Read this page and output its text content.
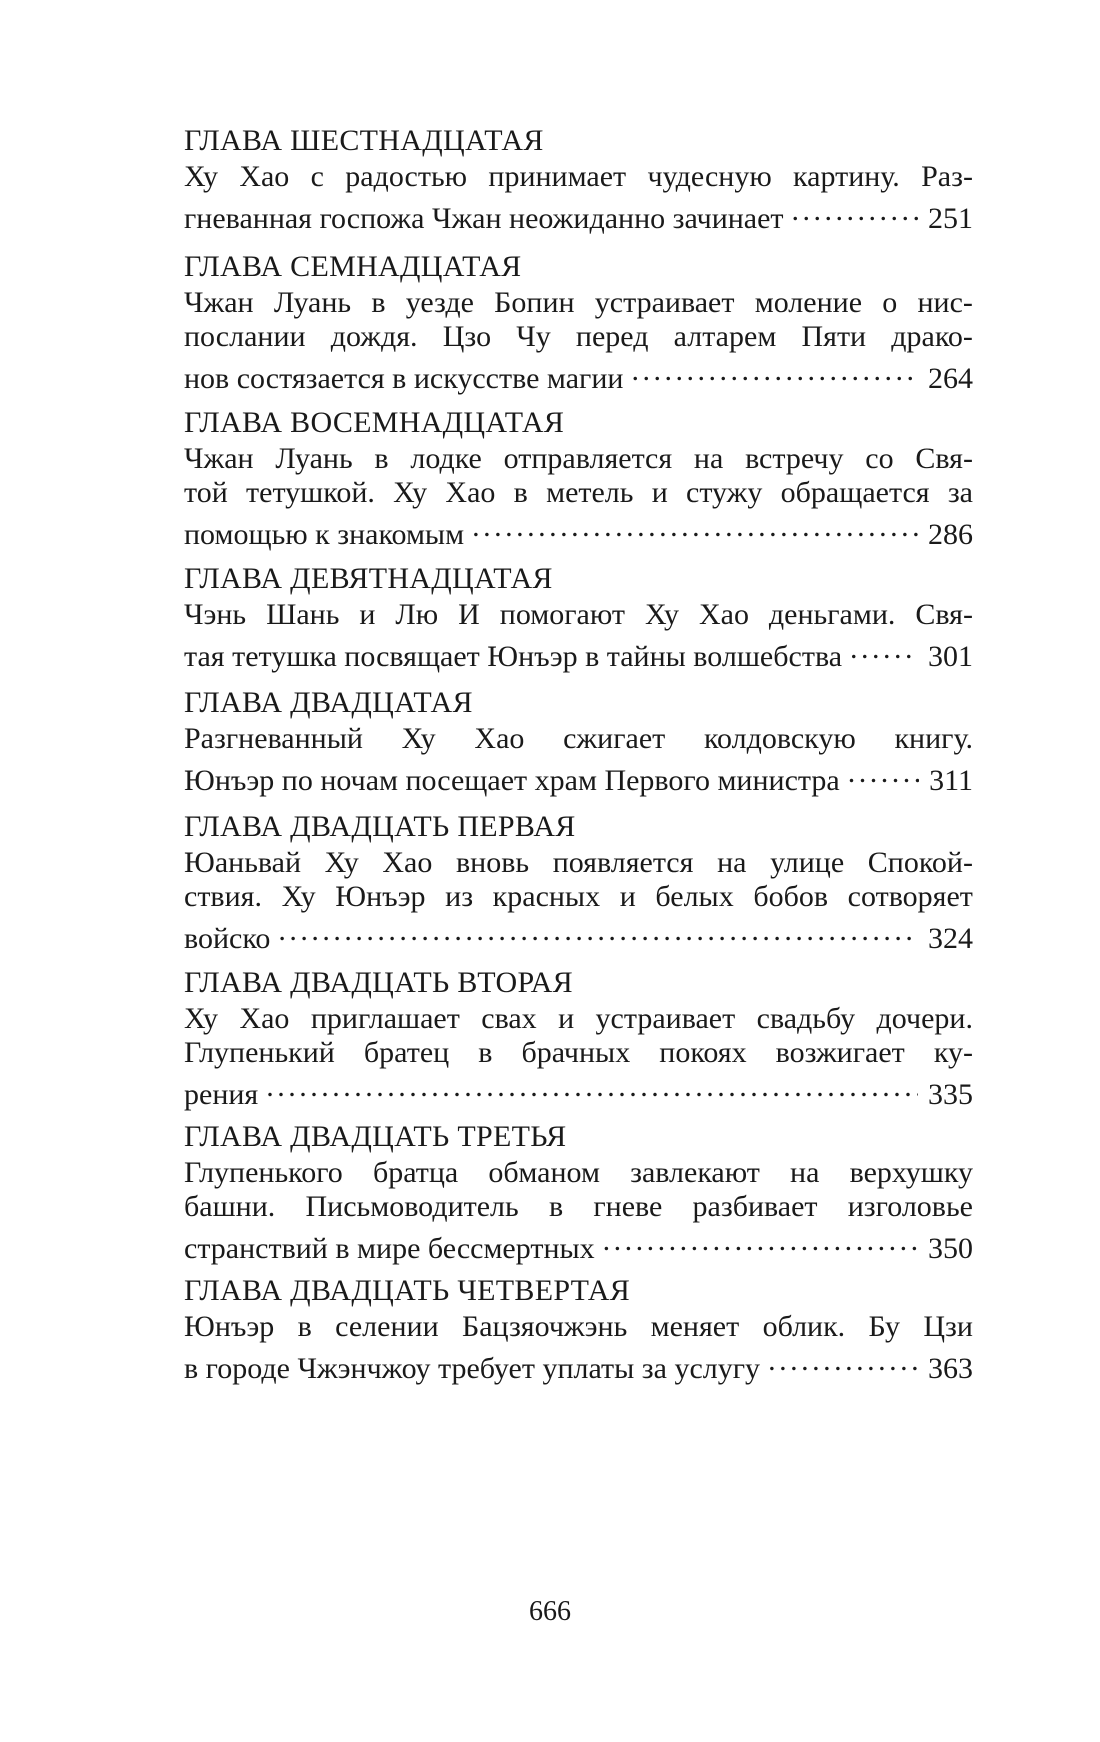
ГЛАВА ШЕСТНАДЦАТАЯ
Ху Хао с радостью принимает чудесную картину. Раз-
гневанная госпожа Чжан неожиданно зачинает . . .	251
ГЛАВА СЕМНАДЦАТАЯ
Чжан Луань в уезде Бопин устраивает моление о нис-
послании дождя. Цзо Чу перед алтарем Пяти драко-
нов состязается в искусстве магии . . .	264
ГЛАВА ВОСЕМНАДЦАТАЯ
Чжан Луань в лодке отправляется на встречу со Свя-
той тетушкой. Ху Хао в метель и стужу обращается за
помощью к знакомым . . .	286
ГЛАВА ДЕВЯТНАДЦАТАЯ
Чэнь Шань и Лю И помогают Ху Хао деньгами. Свя-
тая тетушка посвящает Юнъэр в тайны волшебства . . .	301
ГЛАВА ДВАДЦАТАЯ
Разгневанный Ху Хао сжигает колдовскую книгу.
Юнъэр по ночам посещает храм Первого министра . . .	311
ГЛАВА ДВАДЦАТЬ ПЕРВАЯ
Юаньвай Ху Хао вновь появляется на улице Спокой-
ствия. Ху Юнъэр из красных и белых бобов сотворяет
войско . . .	324
ГЛАВА ДВАДЦАТЬ ВТОРАЯ
Ху Хао приглашает свах и устраивает свадьбу дочери.
Глупенький братец в брачных покоях возжигает ку-
рения . . .	335
ГЛАВА ДВАДЦАТЬ ТРЕТЬЯ
Глупенького братца обманом завлекают на верхушку
башни. Письмоводитель в гневе разбивает изголовье
странствий в мире бессмертных . . .	350
ГЛАВА ДВАДЦАТЬ ЧЕТВЕРТАЯ
Юнъэр в селении Бацзяочжэнь меняет облик. Бу Цзи
в городе Чжэнчжоу требует уплаты за услугу . . .	363
666
